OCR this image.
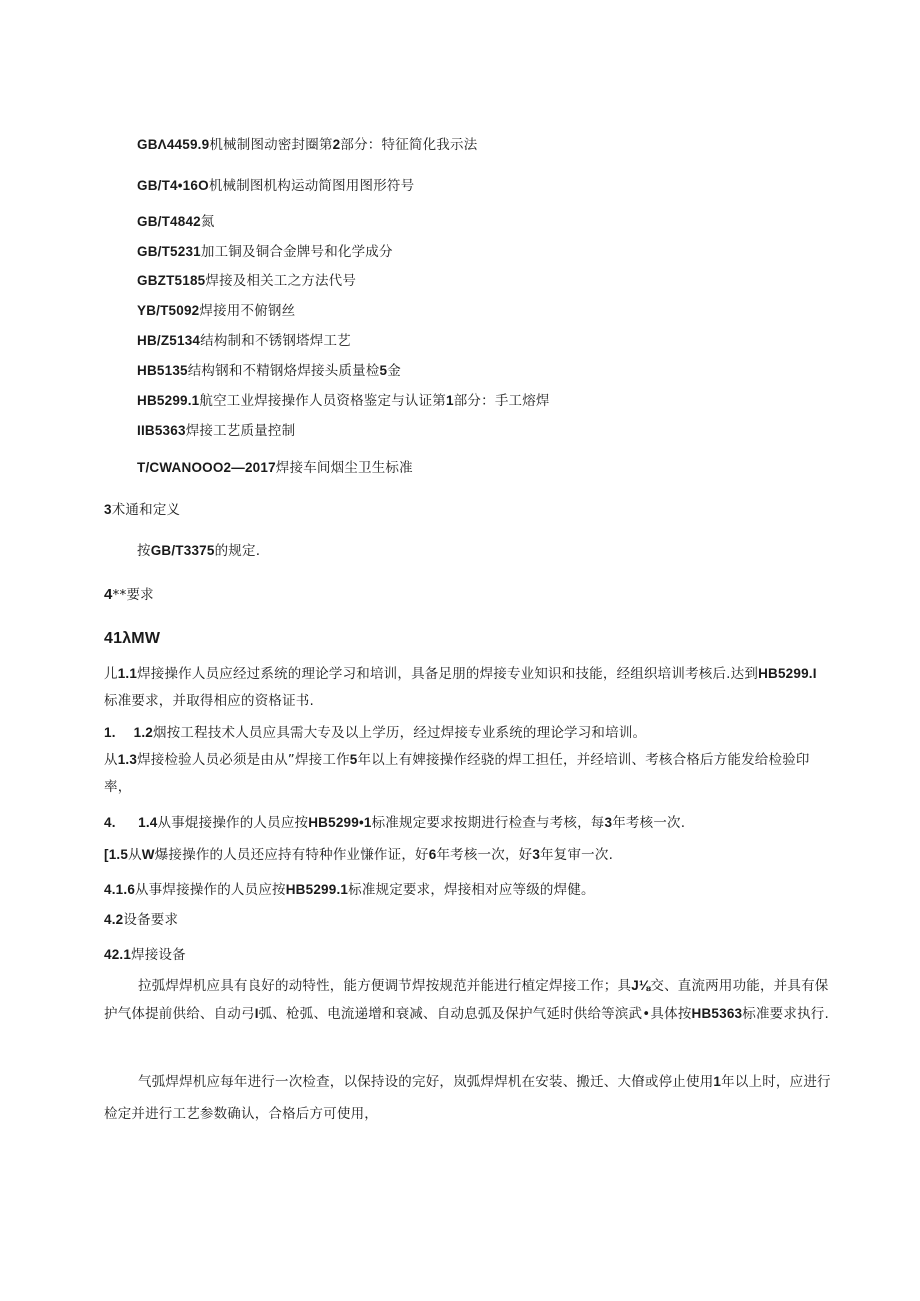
GBΛ4459.9机械制图动密封圈第2部分：特征简化我示法
GB/T4•16O机械制图机构运动简图用图形符号
GB/T4842氮
GB/T5231加工铜及铜合金牌号和化学成分
GBZT5185焊接及相关工之方法代号
YB/T5092焊接用不俯钢丝
HB/Z5134结构制和不锈钢塔焊工艺
HB5135结构钢和不精钢烙焊接头质量检5金
HB5299.1航空工业焊接操作人员资格鉴定与认证第1部分：手工熔焊
IIB5363焊接工艺质量控制
T/CWANOOO2—2017焊接车间烟尘卫生标准
3术通和定义
按GB/T3375的规定.
4**要求
41λMW
儿1.1焊接操作人员应经过系统的理论学习和培训，具备足朋的焊接专业知识和技能，经组织培训考核后.达到HB5299.I
标准要求，并取得相应的资格证书.
1. 1.2烟按工程技术人员应具需大专及以上学历，经过焊接专业系统的理论学习和培训。
从1.3焊接检验人员必须是由从”焊接工作5年以上有婢接操作经骁的焊工担任，并经培训、考核合格后方能发给检验印
率，
4. 1.4从事焜接操作的人员应按HB5299•1标准规定要求按期进行检查与考核，每3年考核一次.
[1.5从W爆接操作的人员还应持有特种作业慊作证，好6年考核一次，好3年复审一次.
4.1.6从事焊接操作的人员应按HB5299.1标准规定要求，焊接相对应等级的焊健。
4.2设备要求
42.1焊接设备
拉弧焊焊机应具有良好的动特性，能方便调节焊按规范并能进行植定焊接工作；具J⅛交、直流两用功能，并具有保护气体提前供给、自动弓I弧、枪弧、电流递增和衰减、自动息弧及保护气延时供给等滨武•具体按HB5363标准要求执行.
气弧焊焊机应每年进行一次检查，以保持设的完好，岚弧焊焊机在安装、搬迁、大傄或停止使用1年以上时，应进行检定并进行工艺参数确认，合格后方可使用，
